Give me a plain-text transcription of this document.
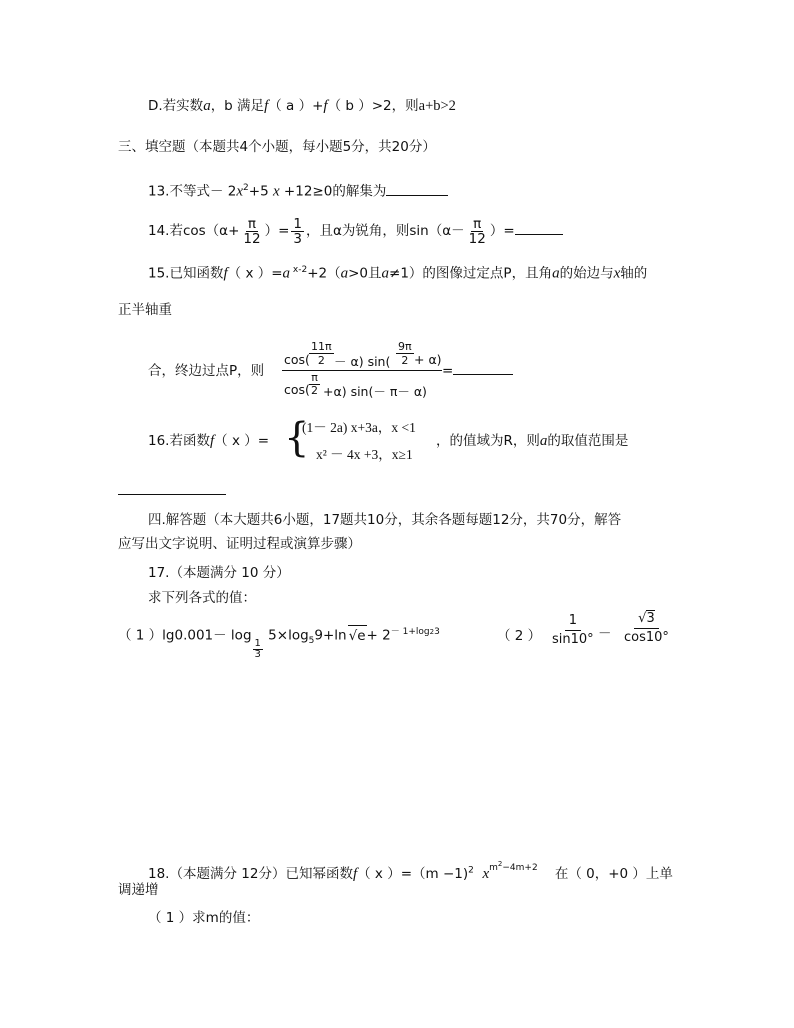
D.若实数a，b 满足f（ a ）+f（ b ）>2，则a+b>2
三、填空题（本题共4个小题，每小题5分，共20分）
13.不等式－ $2x^2+5$ x +12≥0的解集为
14.若$\cos(\alpha+ \frac{\pi}{12}$ ）= $\frac{1}{3}$ ，且α为锐角，则$\sin(\alpha- \frac{\pi}{12}$ ）=
15.已知函数f（ x ）=a $^{x-2}$+2（a>0且a≠1）的图像过定点P，且角a的始边与x轴的
正半轴重
合，终边过点P，则
cos(
11π
2 － α) sin(
9π
2 + α)
cos(
π
2 +α) sin(－ π－ α)
=
16.若函数f（ x ）= {
(1－ 2a) x+3a，x <1
x² － 4x +3，x≥1
，的值域为R，则a的取值范围是
四.解答题（本大题共6小题，17题共10分，其余各题每题12分，共70分，解答
应写出文字说明、证明过程或演算步骤）
17.（本题满分 10 分）
求下列各式的值：
（ 1 ）lg0.001－ log
$\frac{1}{3}$
$5\times\log_59+\ln$ $√e+ 2^{- 1+log23}$	（ 2 ）
1
sin10° －
√3
cos10°
18.（本题满分 12分）已知幂函数f（ x ）=（m −1)$^2$ $x^{m^2-4m+2}$ 在（ 0，+0 ）上单
调递增
（ 1 ）求m的值：
